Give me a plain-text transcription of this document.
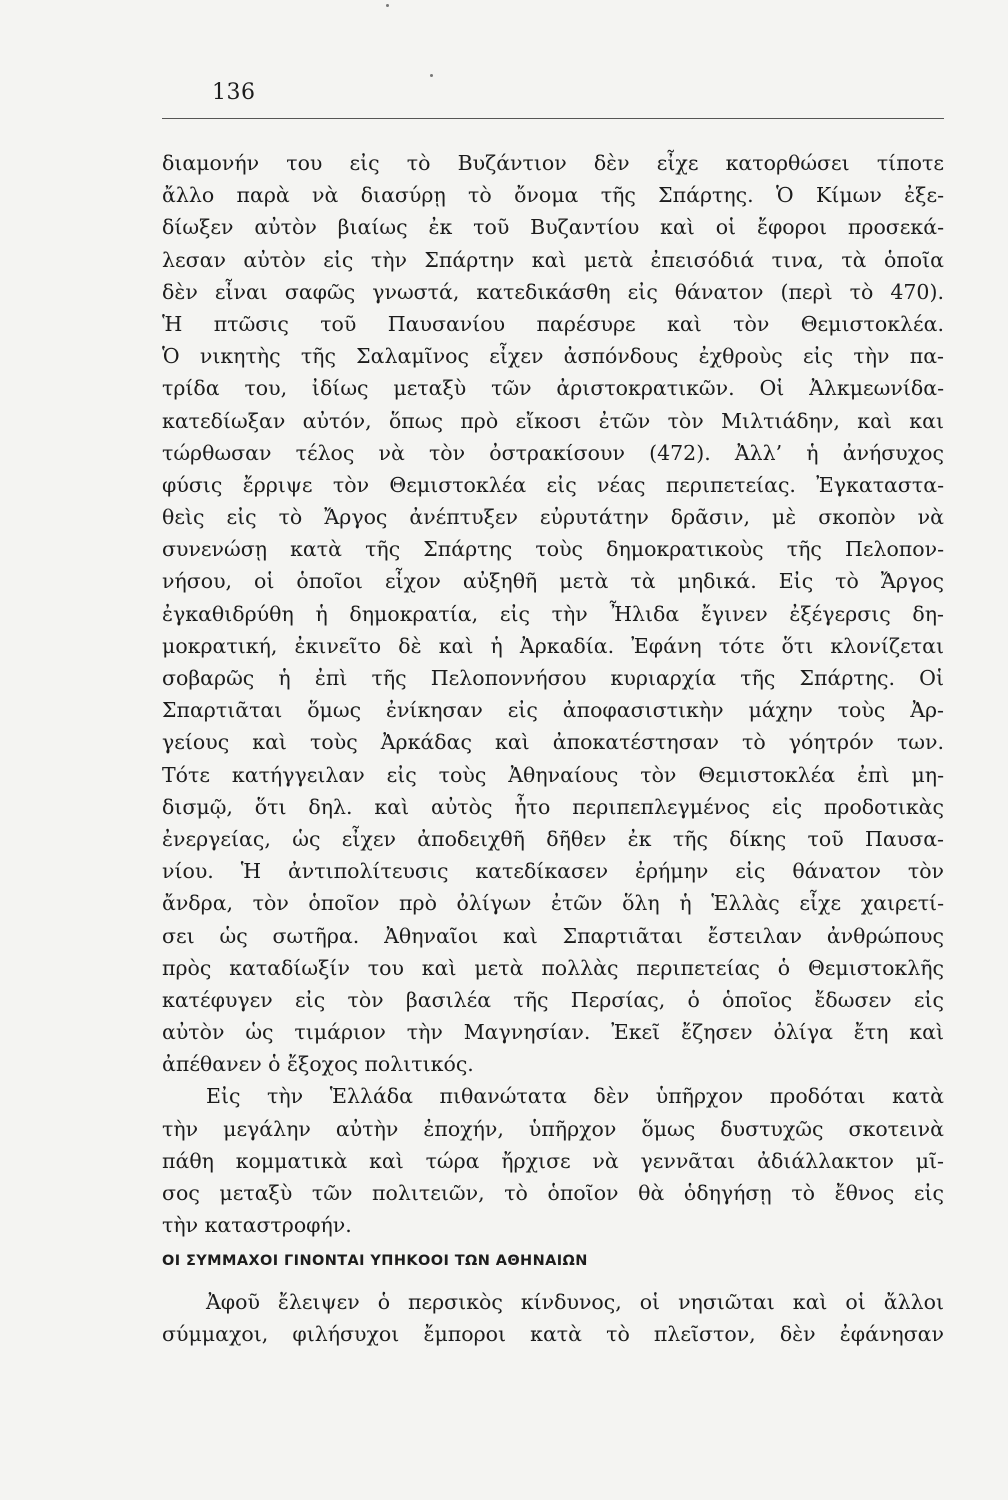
136
διαμονήν του εἰς τὸ Βυζάντιον δὲν εἶχε κατορθώσει τίποτε
ἄλλο παρὰ νὰ διασύρῃ τὸ ὄνομα τῆς Σπάρτης. Ὁ Κίμων ἐξε-
δίωξεν αὐτὸν βιαίως ἐκ τοῦ Βυζαντίου καὶ οἱ ἔφοροι προσεκά-
λεσαν αὐτὸν εἰς τὴν Σπάρτην καὶ μετὰ ἐπεισόδιά τινα, τὰ ὁποῖα
δὲν εἶναι σαφῶς γνωστά, κατεδικάσθη εἰς θάνατον (περὶ τὸ 470).
Ἡ πτῶσις τοῦ Παυσανίου παρέσυρε καὶ τὸν Θεμιστοκλέα.
Ὁ νικητὴς τῆς Σαλαμῖνος εἶχεν ἀσπόνδους ἐχθροὺς εἰς τὴν πα-
τρίδα του, ἰδίως μεταξὺ τῶν ἀριστοκρατικῶν. Οἱ Ἀλκμεωνίδα-
κατεδίωξαν αὐτόν, ὅπως πρὸ εἴκοσι ἐτῶν τὸν Μιλτιάδην, καὶ και
τώρθωσαν τέλος νὰ τὸν ὀστρακίσουν (472). Ἀλλ’ ἡ ἀνήσυχος
φύσις ἔρριψε τὸν Θεμιστοκλέα εἰς νέας περιπετείας. Ἐγκαταστα-
θεὶς εἰς τὸ Ἄργος ἀνέπτυξεν εὐρυτάτην δρᾶσιν, μὲ σκοπὸν νὰ
συνενώσῃ κατὰ τῆς Σπάρτης τοὺς δημοκρατικοὺς τῆς Πελοπον-
νήσου, οἱ ὁποῖοι εἶχον αὐξηθῆ μετὰ τὰ μηδικά. Εἰς τὸ Ἄργος
ἐγκαθιδρύθη ἡ δημοκρατία, εἰς τὴν Ἦλιδα ἔγινεν ἐξέγερσις δη-
μοκρατική, ἐκινεῖτο δὲ καὶ ἡ Ἀρκαδία. Ἐφάνη τότε ὅτι κλονίζεται
σοβαρῶς ἡ ἐπὶ τῆς Πελοποννήσου κυριαρχία τῆς Σπάρτης. Οἱ
Σπαρτιᾶται ὅμως ἐνίκησαν εἰς ἀποφασιστικὴν μάχην τοὺς Ἀρ-
γείους καὶ τοὺς Ἀρκάδας καὶ ἀποκατέστησαν τὸ γόητρόν των.
Τότε κατήγγειλαν εἰς τοὺς Ἀθηναίους τὸν Θεμιστοκλέα ἐπὶ μη-
δισμῷ, ὅτι δηλ. καὶ αὐτὸς ἦτο περιπεπλεγμένος εἰς προδοτικὰς
ἐνεργείας, ὡς εἶχεν ἀποδειχθῆ δῆθεν ἐκ τῆς δίκης τοῦ Παυσα-
νίου. Ἡ ἀντιπολίτευσις κατεδίκασεν ἐρήμην εἰς θάνατον τὸν
ἄνδρα, τὸν ὁποῖον πρὸ ὀλίγων ἐτῶν ὅλη ἡ Ἑλλὰς εἶχε χαιρετί-
σει ὡς σωτῆρα. Ἀθηναῖοι καὶ Σπαρτιᾶται ἔστειλαν ἀνθρώπους
πρὸς καταδίωξίν του καὶ μετὰ πολλὰς περιπετείας ὁ Θεμιστοκλῆς
κατέφυγεν εἰς τὸν βασιλέα τῆς Περσίας, ὁ ὁποῖος ἔδωσεν εἰς
αὐτὸν ὡς τιμάριον τὴν Μαγνησίαν. Ἐκεῖ ἔζησεν ὀλίγα ἔτη καὶ
ἀπέθανεν ὁ ἔξοχος πολιτικός.
Εἰς τὴν Ἑλλάδα πιθανώτατα δὲν ὑπῆρχον προδόται κατὰ
τὴν μεγάλην αὐτὴν ἐποχήν, ὑπῆρχον ὅμως δυστυχῶς σκοτεινὰ
πάθη κομματικὰ καὶ τώρα ἤρχισε νὰ γεννᾶται ἀδιάλλακτον μῖ-
σος μεταξὺ τῶν πολιτειῶν, τὸ ὁποῖον θὰ ὁδηγήσῃ τὸ ἔθνος εἰς
τὴν καταστροφήν.
ΟΙ ΣΥΜΜΑΧΟΙ ΓΙΝΟΝΤΑΙ ΥΠΗΚΟΟΙ ΤΩΝ ΑΘΗΝΑΙΩΝ
Ἀφοῦ ἔλειψεν ὁ περσικὸς κίνδυνος, οἱ νησιῶται καὶ οἱ ἄλλοι
σύμμαχοι, φιλήσυχοι ἔμποροι κατὰ τὸ πλεῖστον, δὲν ἐφάνησαν
